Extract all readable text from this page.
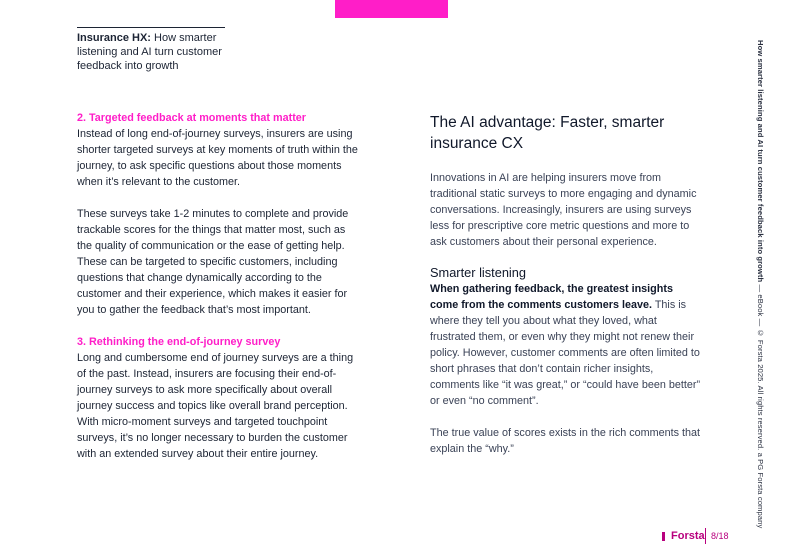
Insurance HX: How smarter listening and AI turn customer feedback into growth

2. Targeted feedback at moments that matter

Instead of long end-of-journey surveys, insurers are using shorter targeted surveys at key moments of truth within the journey, to ask specific questions about those moments when it’s relevant to the customer.

These surveys take 1-2 minutes to complete and provide trackable scores for the things that matter most, such as the quality of communication or the ease of getting help. These can be targeted to specific customers, including questions that change dynamically according to the customer and their experience, which makes it easier for you to gather the feedback that’s most important.

3. Rethinking the end-of-journey survey

Long and cumbersome end of journey surveys are a thing of the past. Instead, insurers are focusing their end-of-journey surveys to ask more specifically about overall journey success and topics like overall brand perception. With micro-moment surveys and targeted touchpoint surveys, it’s no longer necessary to burden the customer with an extended survey about their entire journey.

The AI advantage: Faster, smarter insurance CX

Innovations in AI are helping insurers move from traditional static surveys to more engaging and dynamic conversations. Increasingly, insurers are using surveys less for prescriptive core metric questions and more to ask customers about their personal experience.

Smarter listening

When gathering feedback, the greatest insights come from the comments customers leave. This is where they tell you about what they loved, what frustrated them, or even why they might not renew their policy. However, customer comments are often limited to short phrases that don’t contain richer insights, comments like “it was great,” or “could have been better” or even “no comment”.

The true value of scores exists in the rich comments that explain the “why.”

How smarter listening and AI turn customer feedback into growth — eBook — © Forsta 2025. All rights reserved. a PG Forsta company
Forsta 8/18
